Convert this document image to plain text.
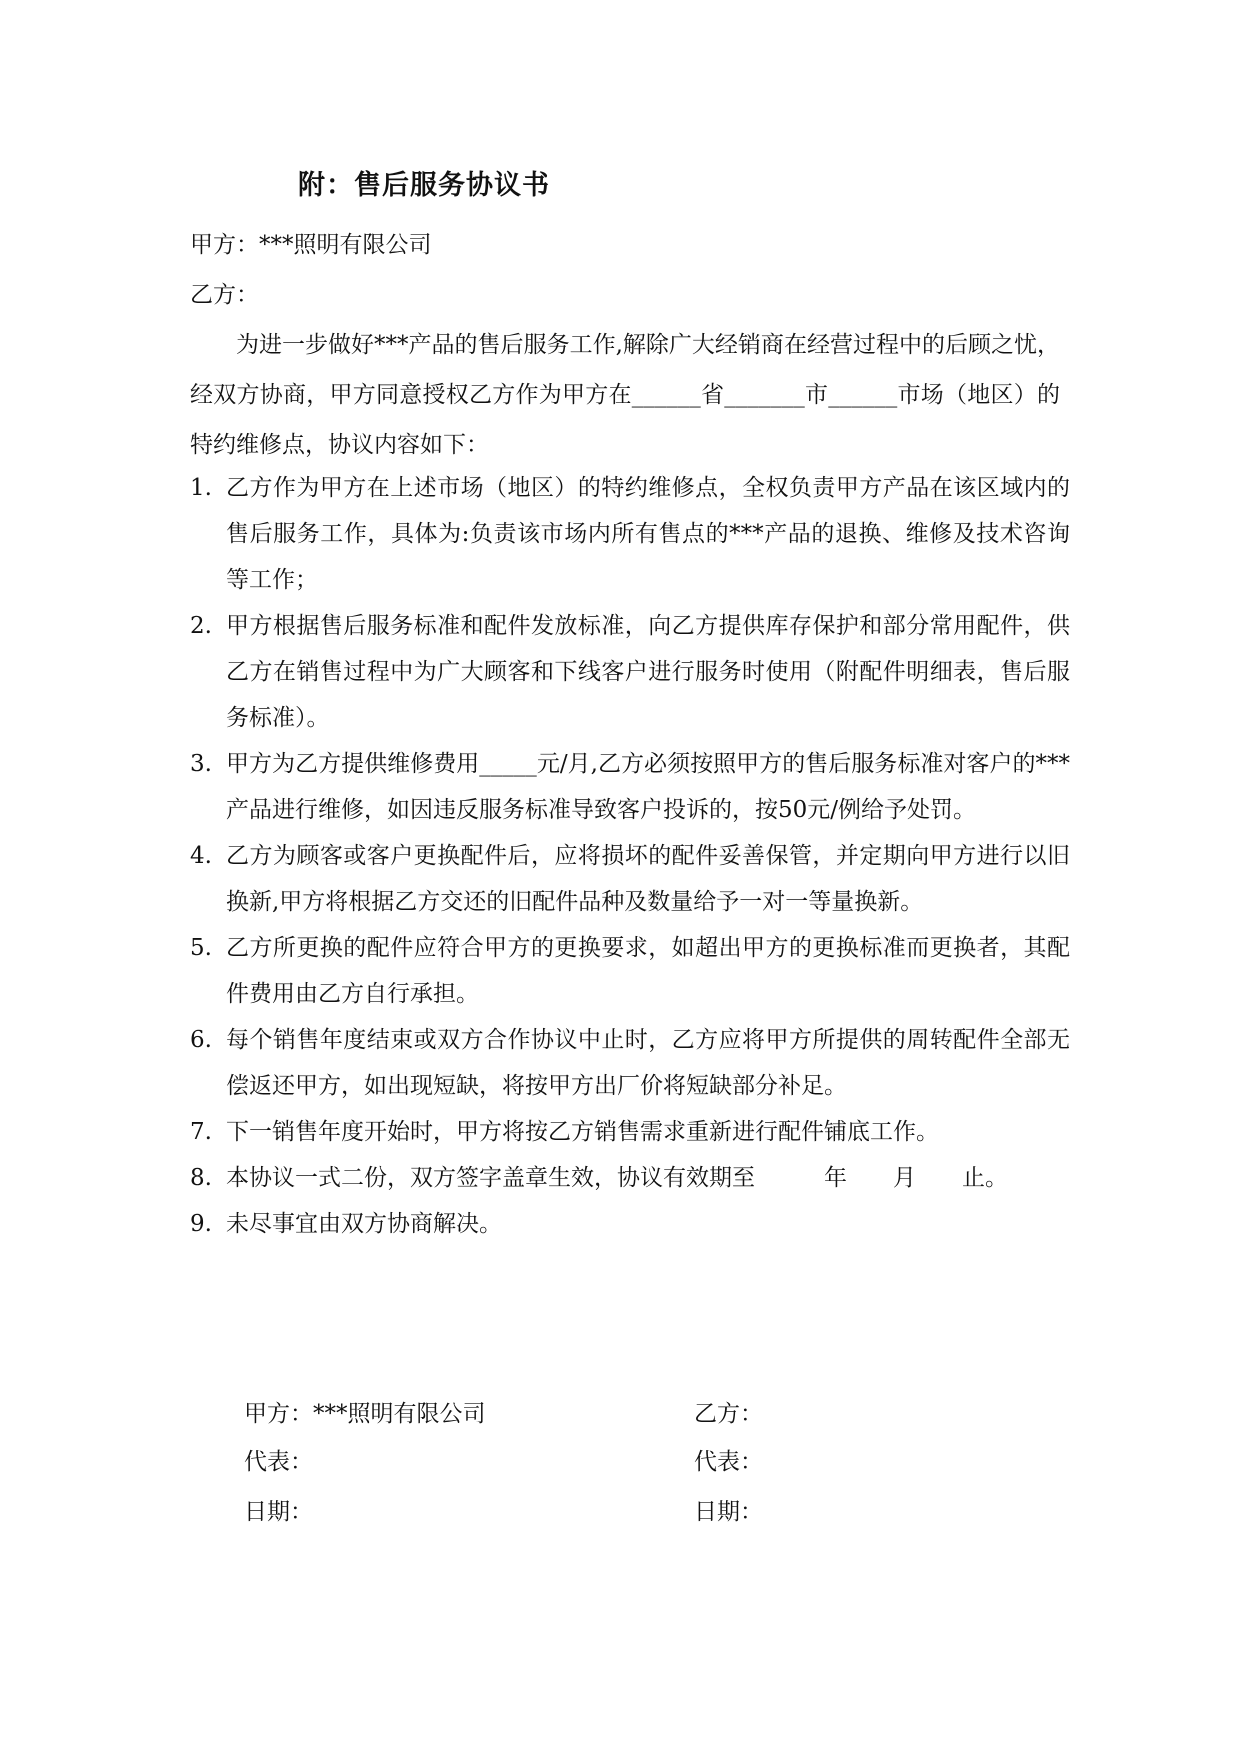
附：售后服务协议书
甲方：***照明有限公司
乙方：

为进一步做好***产品的售后服务工作,解除广大经销商在经营过程中的后顾之忧，经双方协商，甲方同意授权乙方作为甲方在______省_______市______市场（地区）的特约维修点，协议内容如下：

1. 乙方作为甲方在上述市场（地区）的特约维修点，全权负责甲方产品在该区域内的售后服务工作，具体为:负责该市场内所有售点的***产品的退换、维修及技术咨询等工作；
2. 甲方根据售后服务标准和配件发放标准，向乙方提供库存保护和部分常用配件，供乙方在销售过程中为广大顾客和下线客户进行服务时使用（附配件明细表，售后服务标准）。
3. 甲方为乙方提供维修费用_____元/月,乙方必须按照甲方的售后服务标准对客户的***产品进行维修，如因违反服务标准导致客户投诉的，按50元/例给予处罚。
4. 乙方为顾客或客户更换配件后，应将损坏的配件妥善保管，并定期向甲方进行以旧换新,甲方将根据乙方交还的旧配件品种及数量给予一对一等量换新。
5. 乙方所更换的配件应符合甲方的更换要求，如超出甲方的更换标准而更换者，其配件费用由乙方自行承担。
6. 每个销售年度结束或双方合作协议中止时，乙方应将甲方所提供的周转配件全部无偿返还甲方，如出现短缺，将按甲方出厂价将短缺部分补足。
7. 下一销售年度开始时，甲方将按乙方销售需求重新进行配件铺底工作。
8. 本协议一式二份，双方签字盖章生效，协议有效期至　　　年　　月　　止。
9. 未尽事宜由双方协商解决。
甲方：***照明有限公司
代表：
日期：
乙方：
代表：
日期：
